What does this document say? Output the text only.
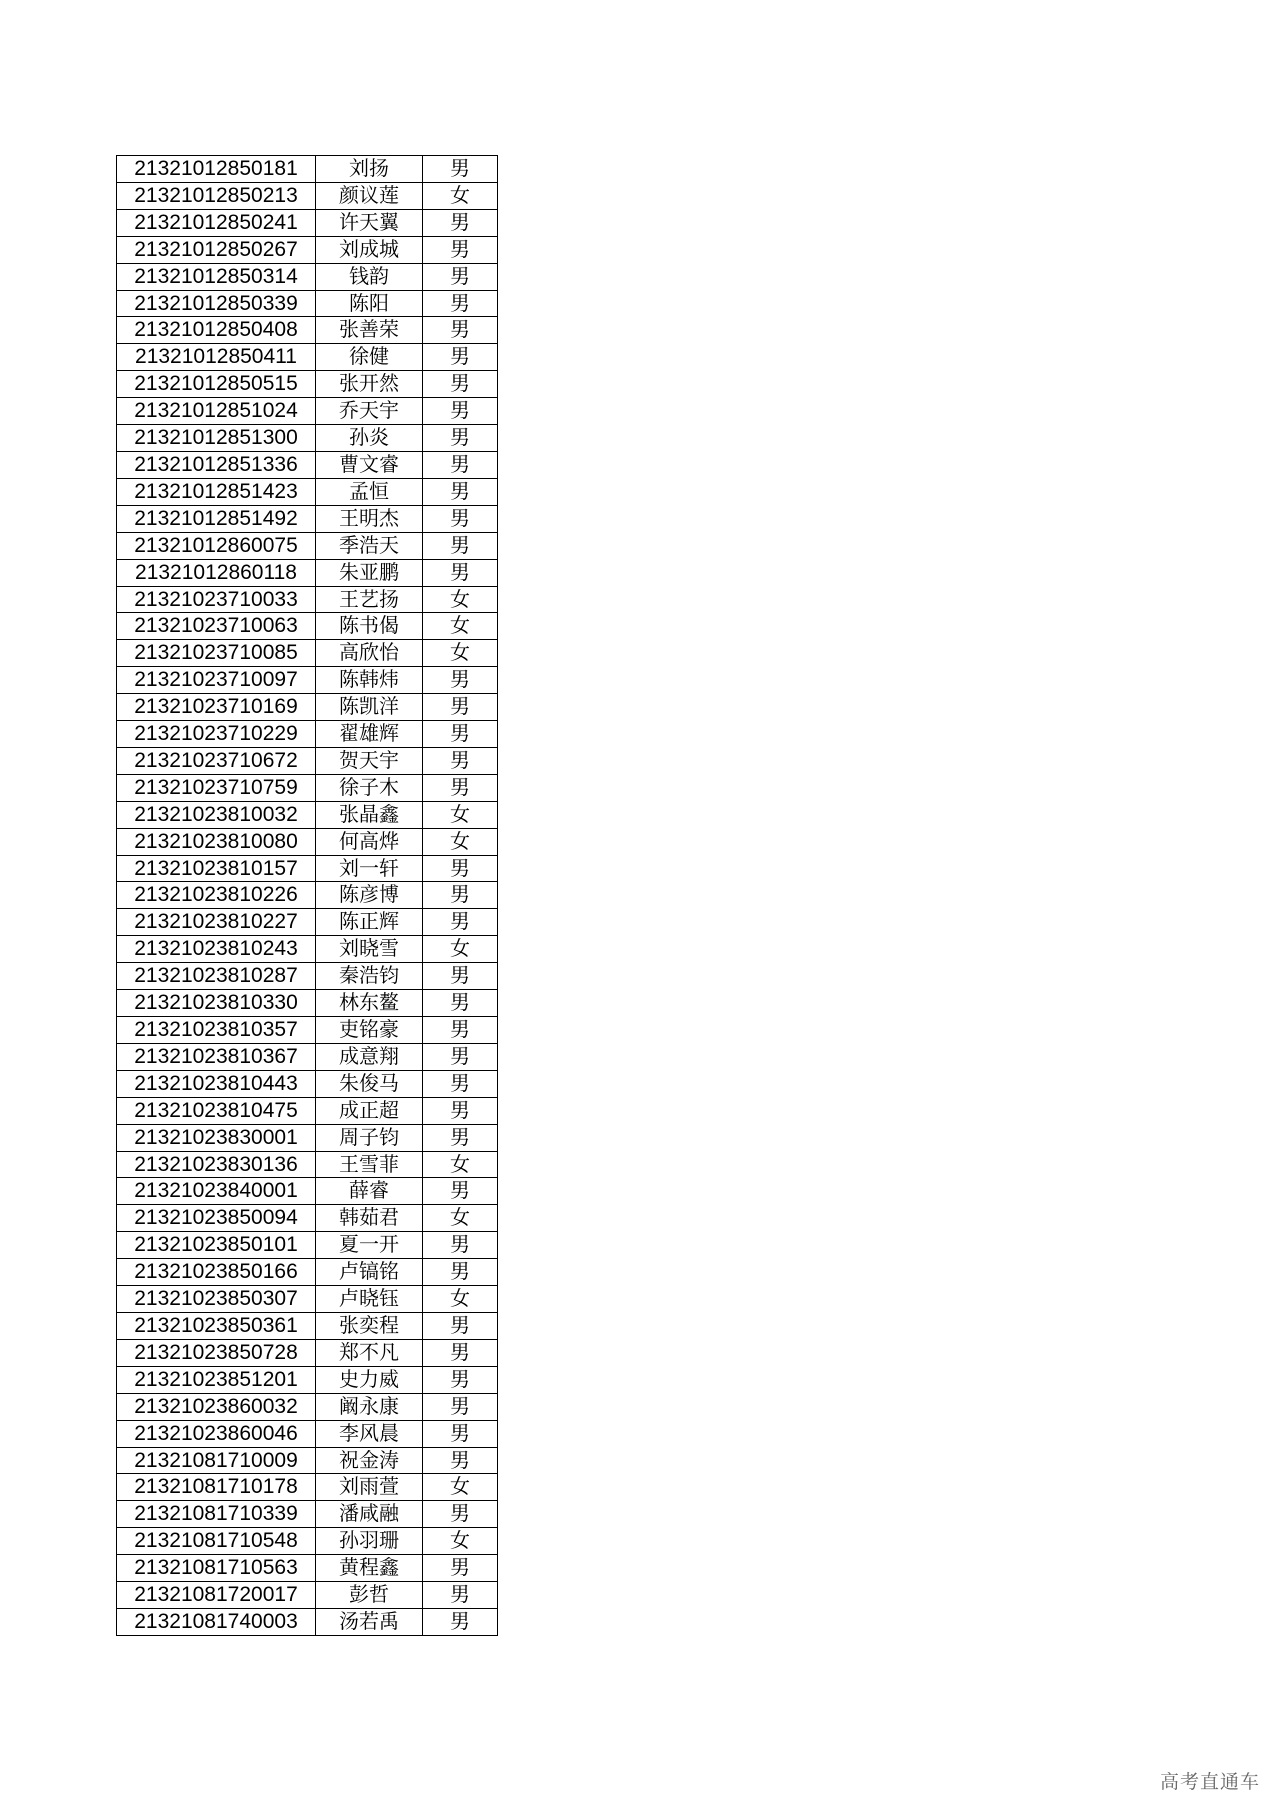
21321012850181	刘扬	男
21321012850213	颜议莲	女
21321012850241	许天翼	男
21321012850267	刘成城	男
21321012850314	钱韵	男
21321012850339	陈阳	男
21321012850408	张善荣	男
21321012850411	徐健	男
21321012850515	张开然	男
21321012851024	乔天宇	男
21321012851300	孙炎	男
21321012851336	曹文睿	男
21321012851423	孟恒	男
21321012851492	王明杰	男
21321012860075	季浩天	男
21321012860118	朱亚鹏	男
21321023710033	王艺扬	女
21321023710063	陈书偈	女
21321023710085	高欣怡	女
21321023710097	陈韩炜	男
21321023710169	陈凯洋	男
21321023710229	翟雄辉	男
21321023710672	贺天宇	男
21321023710759	徐子木	男
21321023810032	张晶鑫	女
21321023810080	何高烨	女
21321023810157	刘一轩	男
21321023810226	陈彦博	男
21321023810227	陈正辉	男
21321023810243	刘晓雪	女
21321023810287	秦浩钧	男
21321023810330	林东鳌	男
21321023810357	吏铭豪	男
21321023810367	成意翔	男
21321023810443	朱俊马	男
21321023810475	成正超	男
21321023830001	周子钧	男
21321023830136	王雪菲	女
21321023840001	薛睿	男
21321023850094	韩茹君	女
21321023850101	夏一开	男
21321023850166	卢镐铭	男
21321023850307	卢晓钰	女
21321023850361	张奕程	男
21321023850728	郑不凡	男
21321023851201	史力威	男
21321023860032	阚永康	男
21321023860046	李风晨	男
21321081710009	祝金涛	男
21321081710178	刘雨萱	女
21321081710339	潘咸融	男
21321081710548	孙羽珊	女
21321081710563	黄程鑫	男
21321081720017	彭哲	男
21321081740003	汤若禹	男
高考直通车
